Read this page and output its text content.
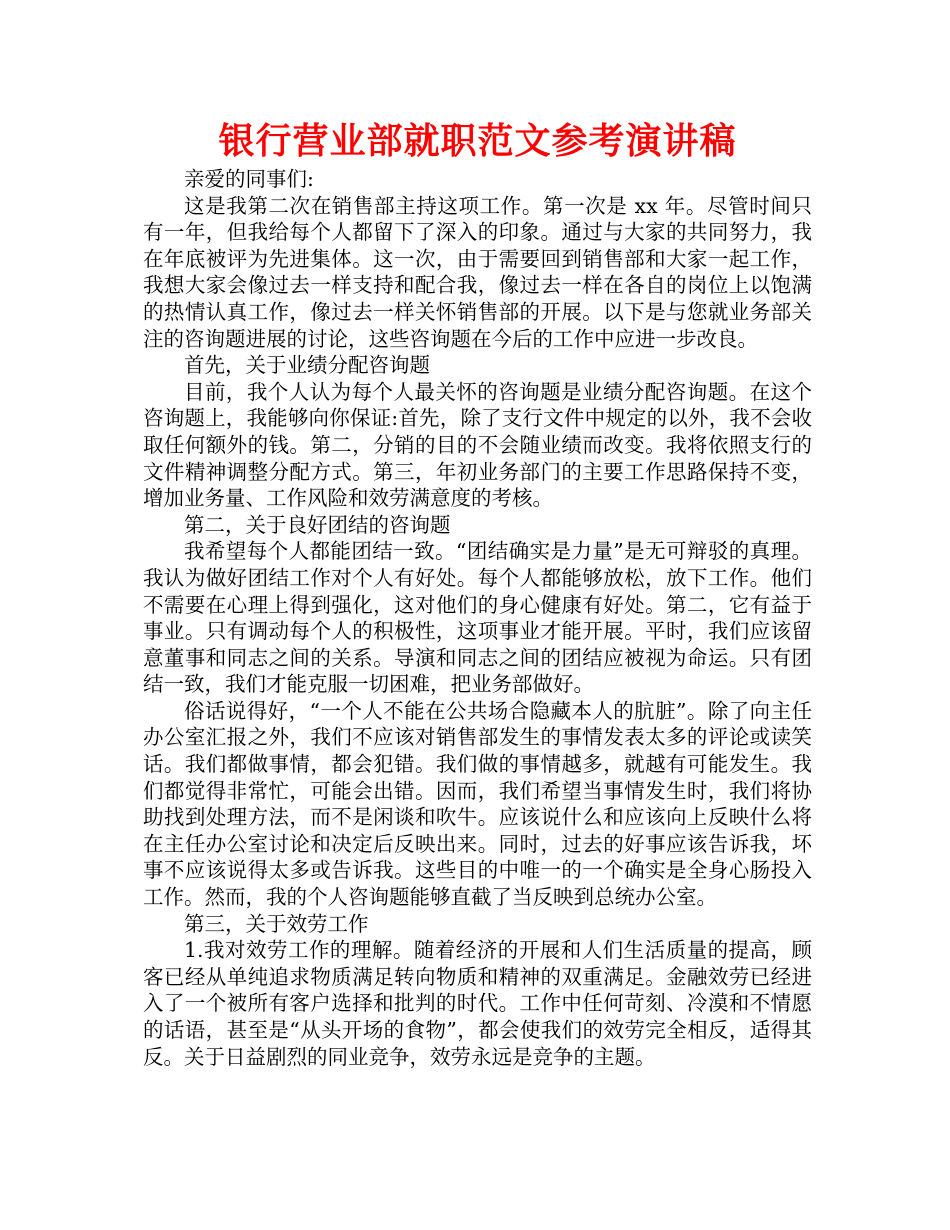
银行营业部就职范文参考演讲稿

亲爱的同事们:

这是我第二次在销售部主持这项工作。第一次是 xx 年。尽管时间只有一年，但我给每个人都留下了深入的印象。通过与大家的共同努力，我在年底被评为先进集体。这一次，由于需要回到销售部和大家一起工作，我想大家会像过去一样支持和配合我，像过去一样在各自的岗位上以饱满的热情认真工作，像过去一样关怀销售部的开展。以下是与您就业务部关注的咨询题进展的讨论，这些咨询题在今后的工作中应进一步改良。

首先，关于业绩分配咨询题

目前，我个人认为每个人最关怀的咨询题是业绩分配咨询题。在这个咨询题上，我能够向你保证:首先，除了支行文件中规定的以外，我不会收取任何额外的钱。第二，分销的目的不会随业绩而改变。我将依照支行的文件精神调整分配方式。第三，年初业务部门的主要工作思路保持不变，增加业务量、工作风险和效劳满意度的考核。

第二，关于良好团结的咨询题

我希望每个人都能团结一致。“团结确实是力量”是无可辩驳的真理。我认为做好团结工作对个人有好处。每个人都能够放松，放下工作。他们不需要在心理上得到强化，这对他们的身心健康有好处。第二，它有益于事业。只有调动每个人的积极性，这项事业才能开展。平时，我们应该留意董事和同志之间的关系。导演和同志之间的团结应被视为命运。只有团结一致，我们才能克服一切困难，把业务部做好。

俗话说得好，“一个人不能在公共场合隐藏本人的肮脏”。除了向主任办公室汇报之外，我们不应该对销售部发生的事情发表太多的评论或读笑话。我们都做事情，都会犯错。我们做的事情越多，就越有可能发生。我们都觉得非常忙，可能会出错。因而，我们希望当事情发生时，我们将协助找到处理方法，而不是闲谈和吹牛。应该说什么和应该向上反映什么将在主任办公室讨论和决定后反映出来。同时，过去的好事应该告诉我，坏事不应该说得太多或告诉我。这些目的中唯一的一个确实是全身心肠投入工作。然而，我的个人咨询题能够直截了当反映到总统办公室。

第三，关于效劳工作

1.我对效劳工作的理解。随着经济的开展和人们生活质量的提高，顾客已经从单纯追求物质满足转向物质和精神的双重满足。金融效劳已经进入了一个被所有客户选择和批判的时代。工作中任何苛刻、冷漠和不情愿的话语，甚至是“从头开场的食物”，都会使我们的效劳完全相反，适得其反。关于日益剧烈的同业竞争，效劳永远是竞争的主题。
